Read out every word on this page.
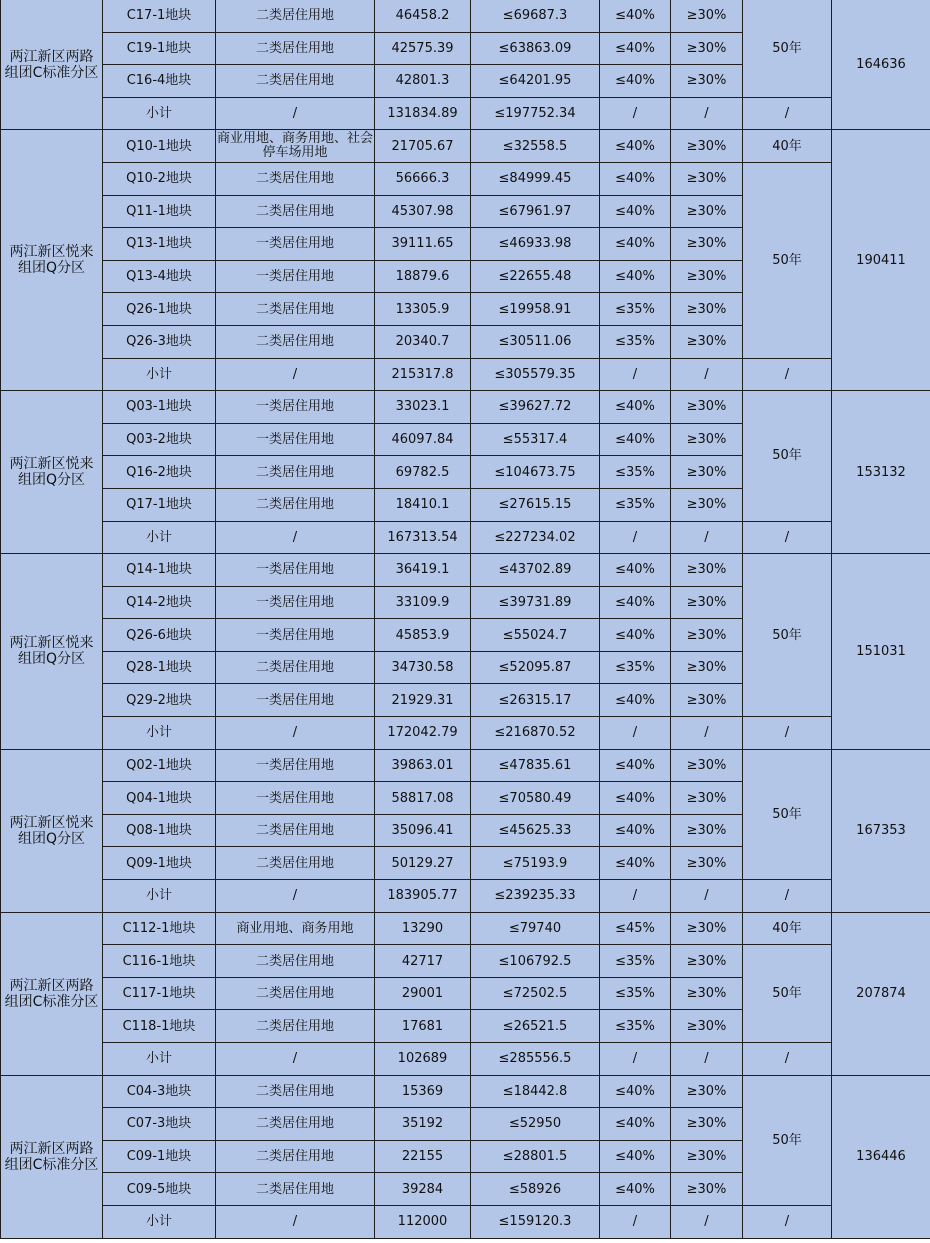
两江新区两路组团C标准分区	C17-1地块	二类居住用地	46458.2	≤69687.3	≤40%	≥30%	50年	164636
	C19-1地块	二类居住用地	42575.39	≤63863.09	≤40%	≥30%		
	C16-4地块	二类居住用地	42801.3	≤64201.95	≤40%	≥30%		
	小计	/	131834.89	≤197752.34	/	/	/	
两江新区悦来组团Q分区	Q10-1地块	商业用地、商务用地、社会停车场用地	21705.67	≤32558.5	≤40%	≥30%	40年	190411
	Q10-2地块	二类居住用地	56666.3	≤84999.45	≤40%	≥30%	50年	
	Q11-1地块	二类居住用地	45307.98	≤67961.97	≤40%	≥30%		
	Q13-1地块	一类居住用地	39111.65	≤46933.98	≤40%	≥30%		
	Q13-4地块	一类居住用地	18879.6	≤22655.48	≤40%	≥30%		
	Q26-1地块	二类居住用地	13305.9	≤19958.91	≤35%	≥30%		
	Q26-3地块	二类居住用地	20340.7	≤30511.06	≤35%	≥30%		
	小计	/	215317.8	≤305579.35	/	/	/	
两江新区悦来组团Q分区	Q03-1地块	一类居住用地	33023.1	≤39627.72	≤40%	≥30%	50年	153132
	Q03-2地块	一类居住用地	46097.84	≤55317.4	≤40%	≥30%		
	Q16-2地块	二类居住用地	69782.5	≤104673.75	≤35%	≥30%		
	Q17-1地块	二类居住用地	18410.1	≤27615.15	≤35%	≥30%		
	小计	/	167313.54	≤227234.02	/	/	/	
两江新区悦来组团Q分区	Q14-1地块	一类居住用地	36419.1	≤43702.89	≤40%	≥30%	50年	151031
	Q14-2地块	一类居住用地	33109.9	≤39731.89	≤40%	≥30%		
	Q26-6地块	一类居住用地	45853.9	≤55024.7	≤40%	≥30%		
	Q28-1地块	二类居住用地	34730.58	≤52095.87	≤35%	≥30%		
	Q29-2地块	一类居住用地	21929.31	≤26315.17	≤40%	≥30%		
	小计	/	172042.79	≤216870.52	/	/	/	
两江新区悦来组团Q分区	Q02-1地块	一类居住用地	39863.01	≤47835.61	≤40%	≥30%	50年	167353
	Q04-1地块	一类居住用地	58817.08	≤70580.49	≤40%	≥30%		
	Q08-1地块	二类居住用地	35096.41	≤45625.33	≤40%	≥30%		
	Q09-1地块	二类居住用地	50129.27	≤75193.9	≤40%	≥30%		
	小计	/	183905.77	≤239235.33	/	/	/	
两江新区两路组团C标准分区	C112-1地块	商业用地、商务用地	13290	≤79740	≤45%	≥30%	40年	207874
	C116-1地块	二类居住用地	42717	≤106792.5	≤35%	≥30%	50年	
	C117-1地块	二类居住用地	29001	≤72502.5	≤35%	≥30%		
	C118-1地块	二类居住用地	17681	≤26521.5	≤35%	≥30%		
	小计	/	102689	≤285556.5	/	/	/	
两江新区两路组团C标准分区	C04-3地块	二类居住用地	15369	≤18442.8	≤40%	≥30%	50年	136446
	C07-3地块	二类居住用地	35192	≤52950	≤40%	≥30%		
	C09-1地块	二类居住用地	22155	≤28801.5	≤40%	≥30%		
	C09-5地块	二类居住用地	39284	≤58926	≤40%	≥30%		
	小计	/	112000	≤159120.3	/	/	/	
